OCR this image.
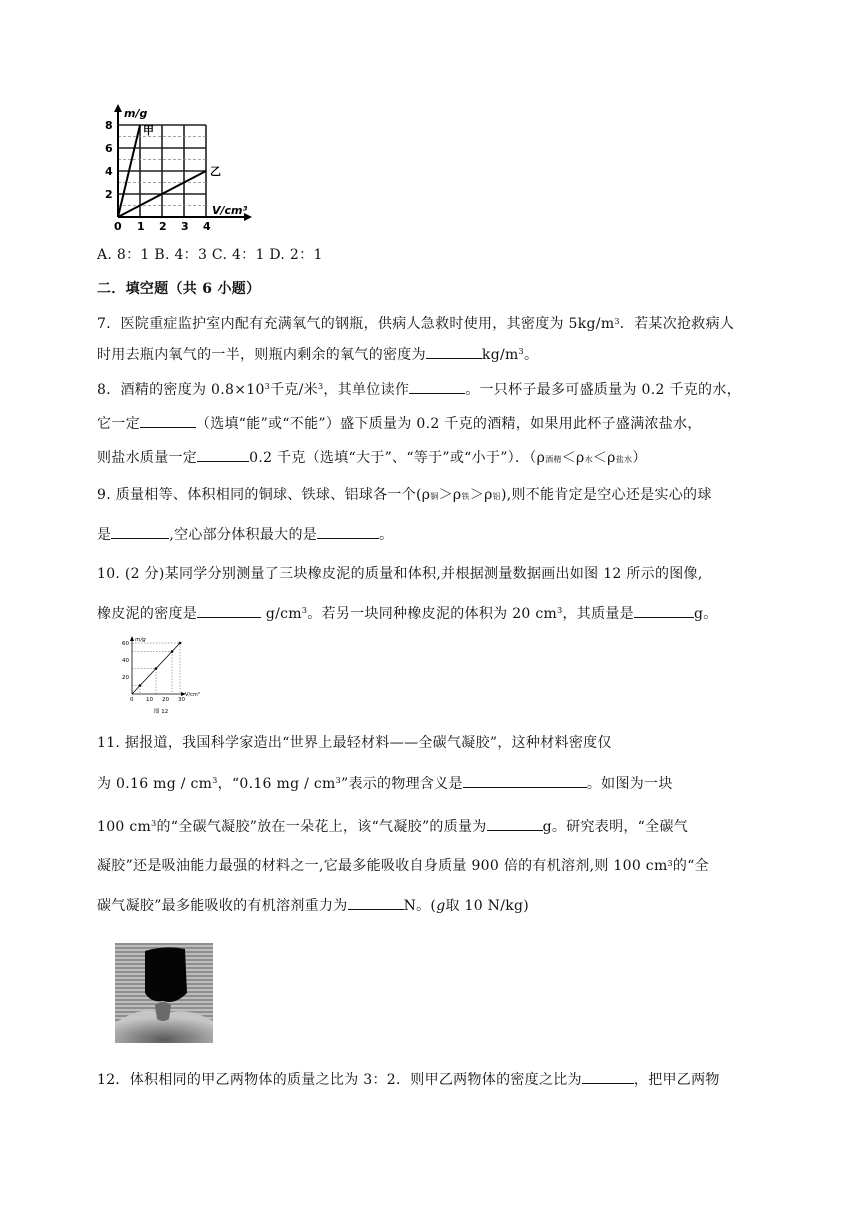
8
6
4
2
0 1 2 3 4
m/g
V/cm³
甲
乙
A. 8：1 B. 4：3 C. 4：1 D. 2：1
二．填空题（共 6 小题）
7．医院重症监护室内配有充满氧气的钢瓶，供病人急救时使用，其密度为 $5kg/m^3$．若某次抢救病人
时用去瓶内氧气的一半，则瓶内剩余的氧气的密度为	$kg/m^3$。
8．酒精的密度为 $0.8\times 10^3$千克/米$^3$，其单位读作	。一只杯子最多可盛质量为 0.2 千克的水，
它一定	（选填“能”或“不能”）盛下质量为 0.2 千克的酒精，如果用此杯子盛满浓盐水，
则盐水质量一定	0.2 千克（选填“大于”、“等于”或“小于”）．$(\rho_{酒精}<\rho_水<\rho_{盐水})$
9. 质量相等、体积相同的铜球、铁球、铝球各一个$(\rho_铜>\rho_铁>\rho_铝)$,则不能肯定是空心还是实心的球
是	,空心部分体积最大的是	。
10. (2 分)某同学分别测量了三块橡皮泥的质量和体积,并根据测量数据画出如图 12 所示的图像,
橡皮泥的密度是	$g/cm^3$。若另一块同种橡皮泥的体积为 20 $cm^3$，其质量是	g。
60
40
20
0 10 20 30
m/g
V/cm³
图 12
11. 据报道，我国科学家造出“世界上最轻材料——全碳气凝胶”，这种材料密度仅
为 0.16 mg / $cm^3$，“0.16 mg / $cm^3$”表示的物理含义是	。如图为一块
100 $cm^3$的“全碳气凝胶”放在一朵花上，该“气凝胶”的质量为	g。研究表明，“全碳气
凝胶”还是吸油能力最强的材料之一,它最多能吸收自身质量 900 倍的有机溶剂,则 100 $cm^3$的“全
碳气凝胶”最多能吸收的有机溶剂重力为	N。(g取 10 N/kg)
12．体积相同的甲乙两物体的质量之比为 3：2．则甲乙两物体的密度之比为	，把甲乙两物
